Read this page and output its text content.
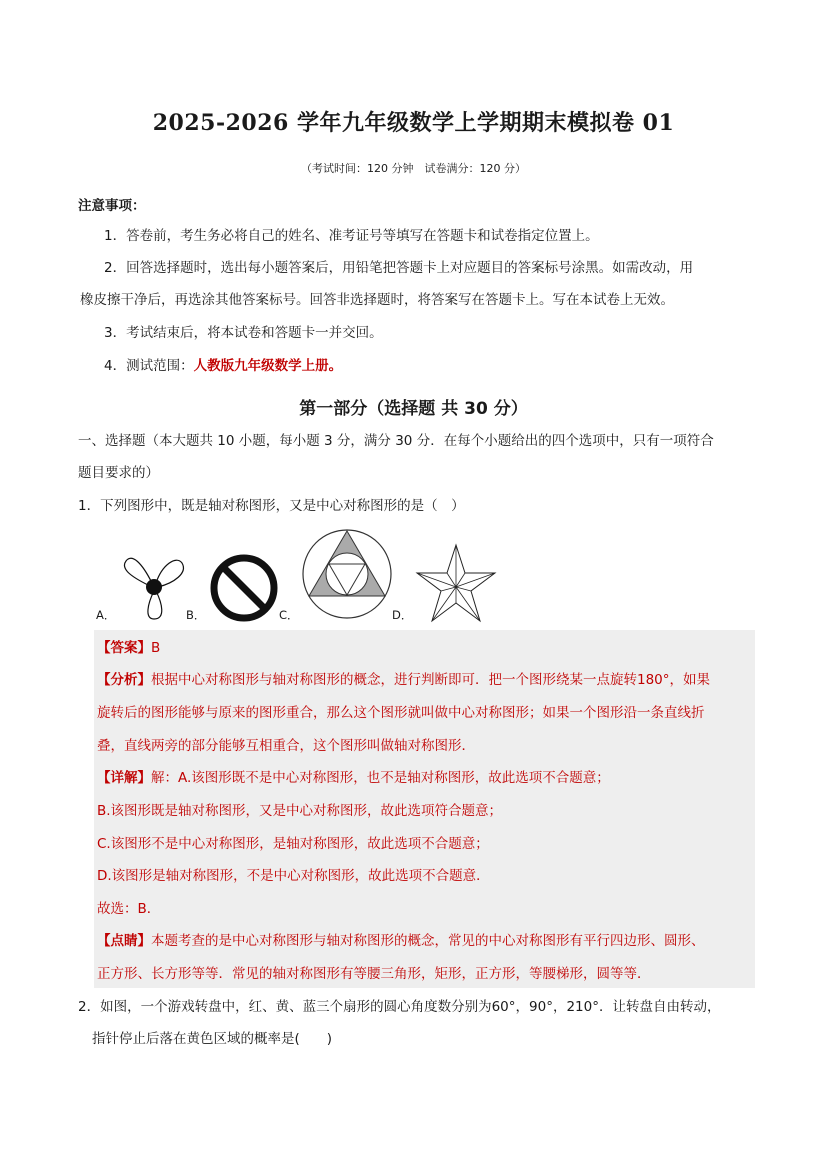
2025-2026 学年九年级数学上学期期末模拟卷 01
（考试时间：120 分钟　试卷满分：120 分）
注意事项：
1．答卷前，考生务必将自己的姓名、准考证号等填写在答题卡和试卷指定位置上。
2．回答选择题时，选出每小题答案后，用铅笔把答题卡上对应题目的答案标号涂黑。如需改动，用
橡皮擦干净后，再选涂其他答案标号。回答非选择题时，将答案写在答题卡上。写在本试卷上无效。
3．考试结束后，将本试卷和答题卡一并交回。
4．测试范围：人教版九年级数学上册。
第一部分（选择题 共 30 分）
一、选择题（本大题共 10 小题，每小题 3 分，满分 30 分．在每个小题给出的四个选项中，只有一项符合
题目要求的）
1．下列图形中，既是轴对称图形，又是中心对称图形的是（　）
A．	B．	C．	D．
【答案】B
【分析】根据中心对称图形与轴对称图形的概念，进行判断即可．把一个图形绕某一点旋转180°，如果
旋转后的图形能够与原来的图形重合，那么这个图形就叫做中心对称图形；如果一个图形沿一条直线折
叠，直线两旁的部分能够互相重合，这个图形叫做轴对称图形．
【详解】解：A.该图形既不是中心对称图形，也不是轴对称图形，故此选项不合题意；
B.该图形既是轴对称图形，又是中心对称图形，故此选项符合题意；
C.该图形不是中心对称图形，是轴对称图形，故此选项不合题意；
D.该图形是轴对称图形，不是中心对称图形，故此选项不合题意．
故选：B．
【点睛】本题考查的是中心对称图形与轴对称图形的概念，常见的中心对称图形有平行四边形、圆形、
正方形、长方形等等．常见的轴对称图形有等腰三角形，矩形，正方形，等腰梯形，圆等等．
2．如图，一个游戏转盘中，红、黄、蓝三个扇形的圆心角度数分别为60°，90°，210°．让转盘自由转动，
指针停止后落在黄色区域的概率是(　　)
